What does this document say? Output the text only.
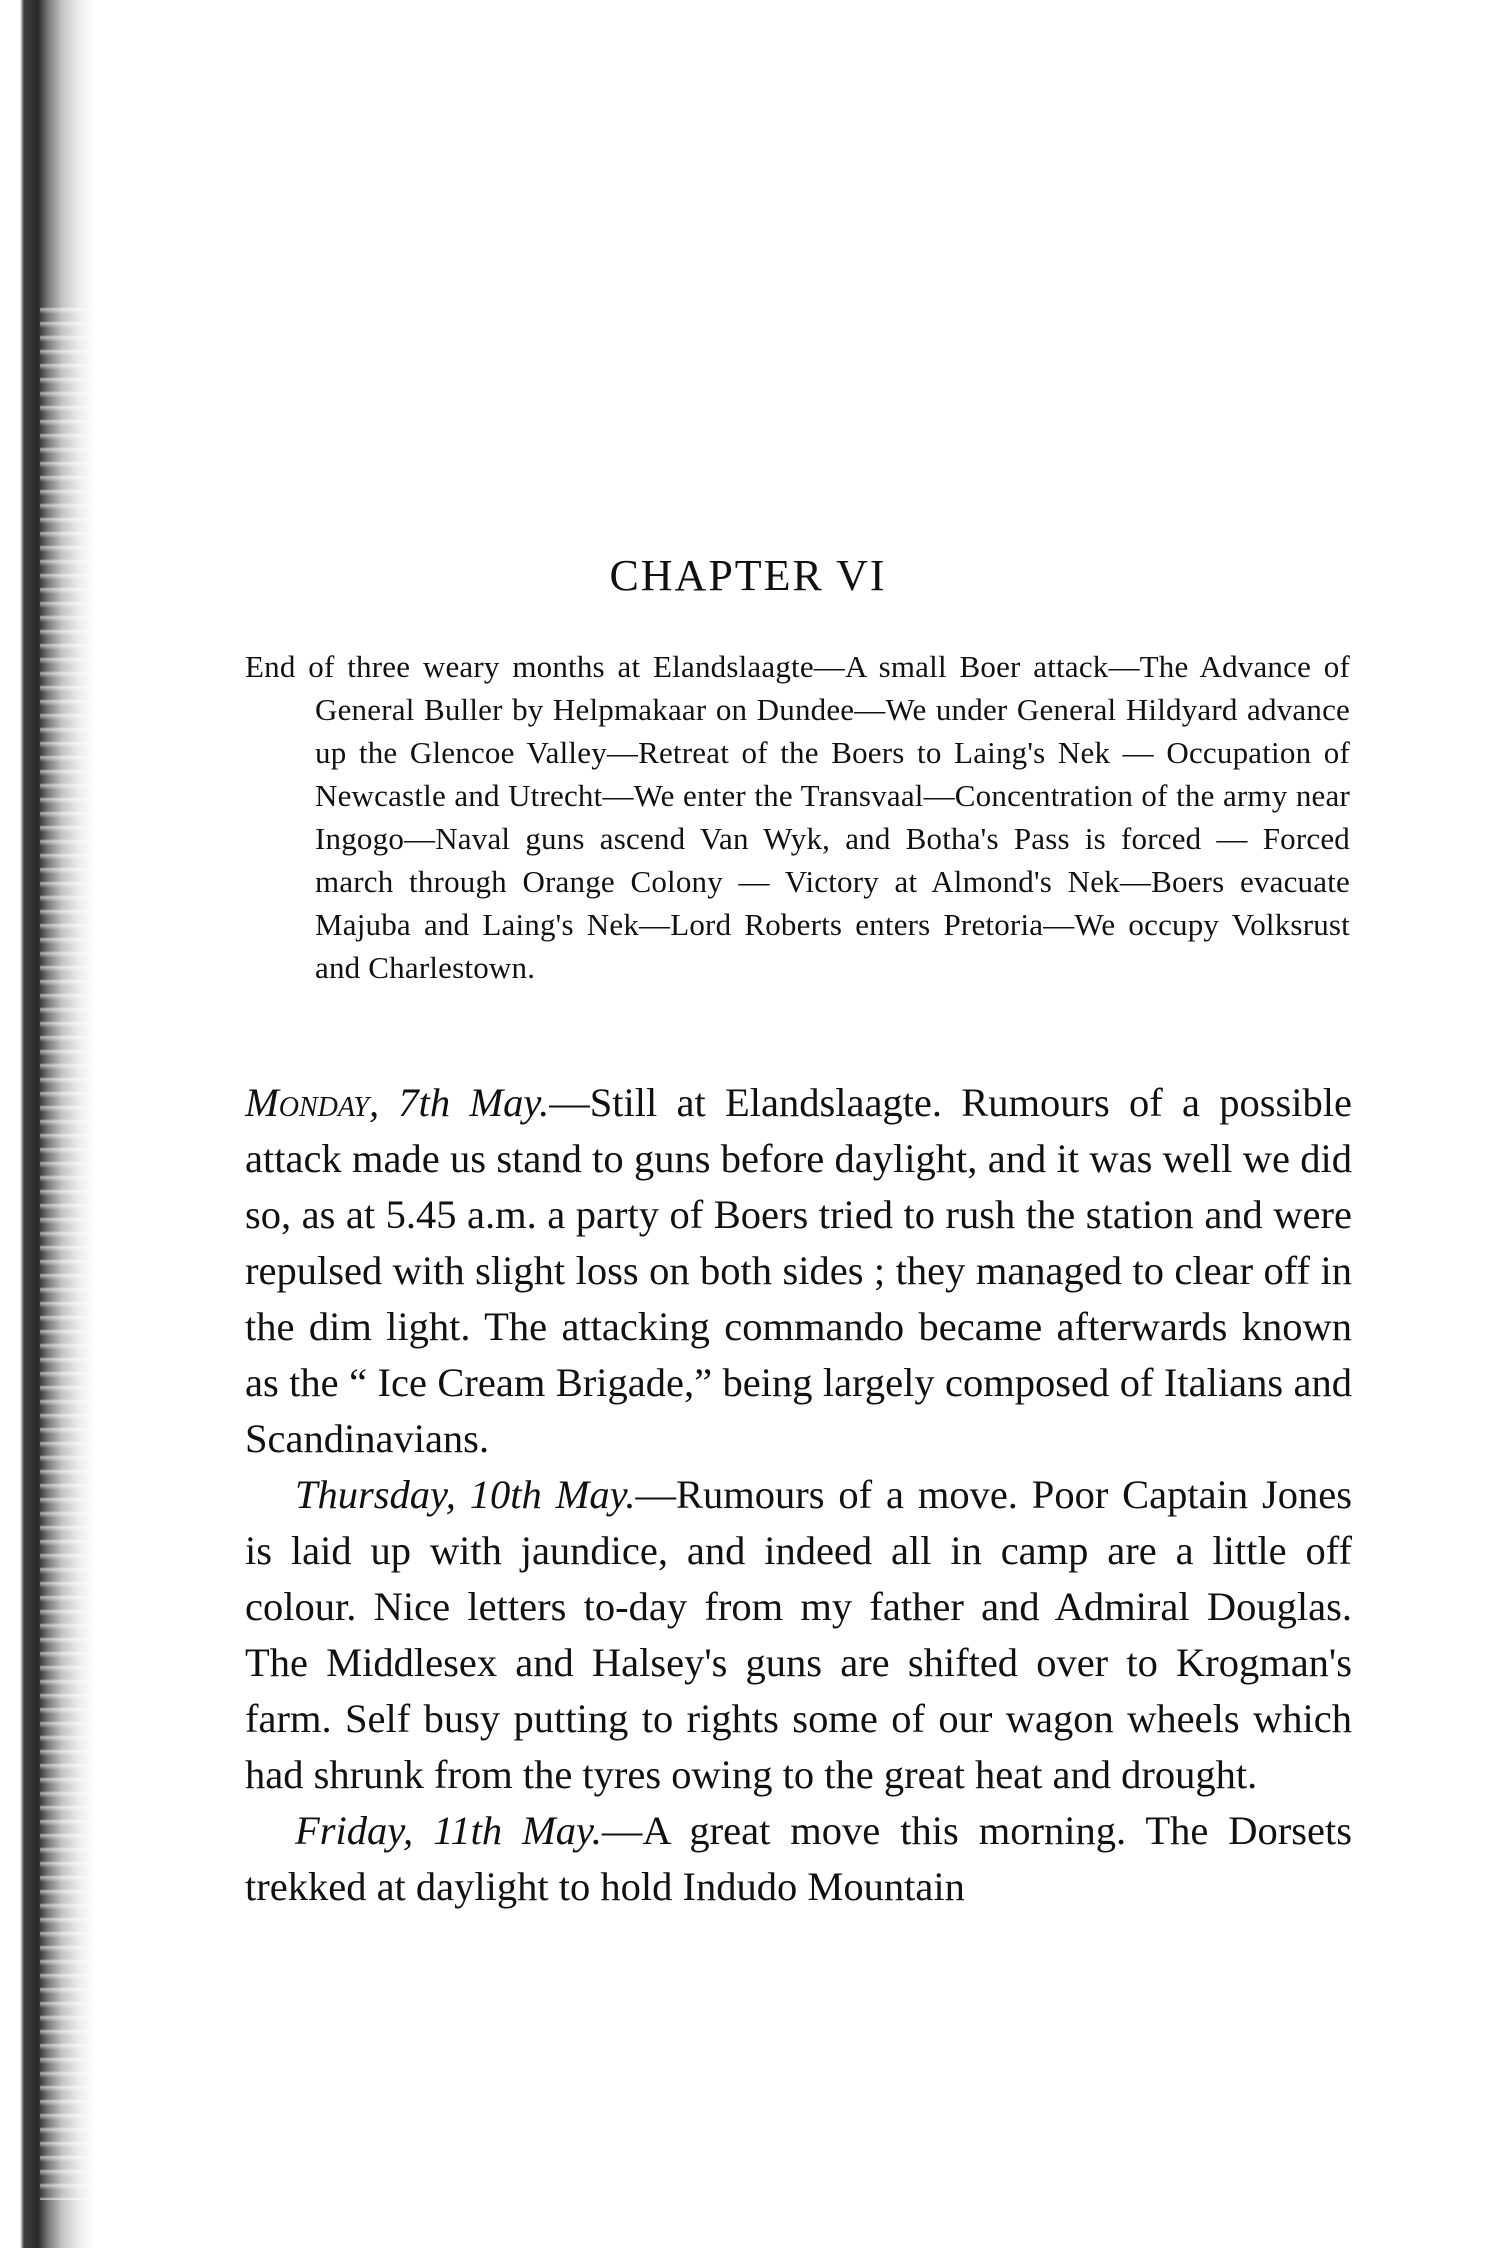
CHAPTER VI
End of three weary months at Elandslaagte—A small Boer attack—The Advance of General Buller by Helpmakaar on Dundee—We under General Hildyard advance up the Glencoe Valley—Retreat of the Boers to Laing's Nek — Occupation of Newcastle and Utrecht—We enter the Transvaal—Concentration of the army near Ingogo—Naval guns ascend Van Wyk, and Botha's Pass is forced — Forced march through Orange Colony — Victory at Almond's Nek—Boers evacuate Majuba and Laing's Nek—Lord Roberts enters Pretoria—We occupy Volksrust and Charlestown.

Monday, 7th May.—Still at Elandslaagte. Rumours of a possible attack made us stand to guns before daylight, and it was well we did so, as at 5.45 a.m. a party of Boers tried to rush the station and were repulsed with slight loss on both sides ; they managed to clear off in the dim light. The attacking commando became afterwards known as the “ Ice Cream Brigade,” being largely composed of Italians and Scandinavians.

Thursday, 10th May.—Rumours of a move. Poor Captain Jones is laid up with jaundice, and indeed all in camp are a little off colour. Nice letters to-day from my father and Admiral Douglas. The Middlesex and Halsey's guns are shifted over to Krogman's farm. Self busy putting to rights some of our wagon wheels which had shrunk from the tyres owing to the great heat and drought.

Friday, 11th May.—A great move this morning. The Dorsets trekked at daylight to hold Indudo Mountain
